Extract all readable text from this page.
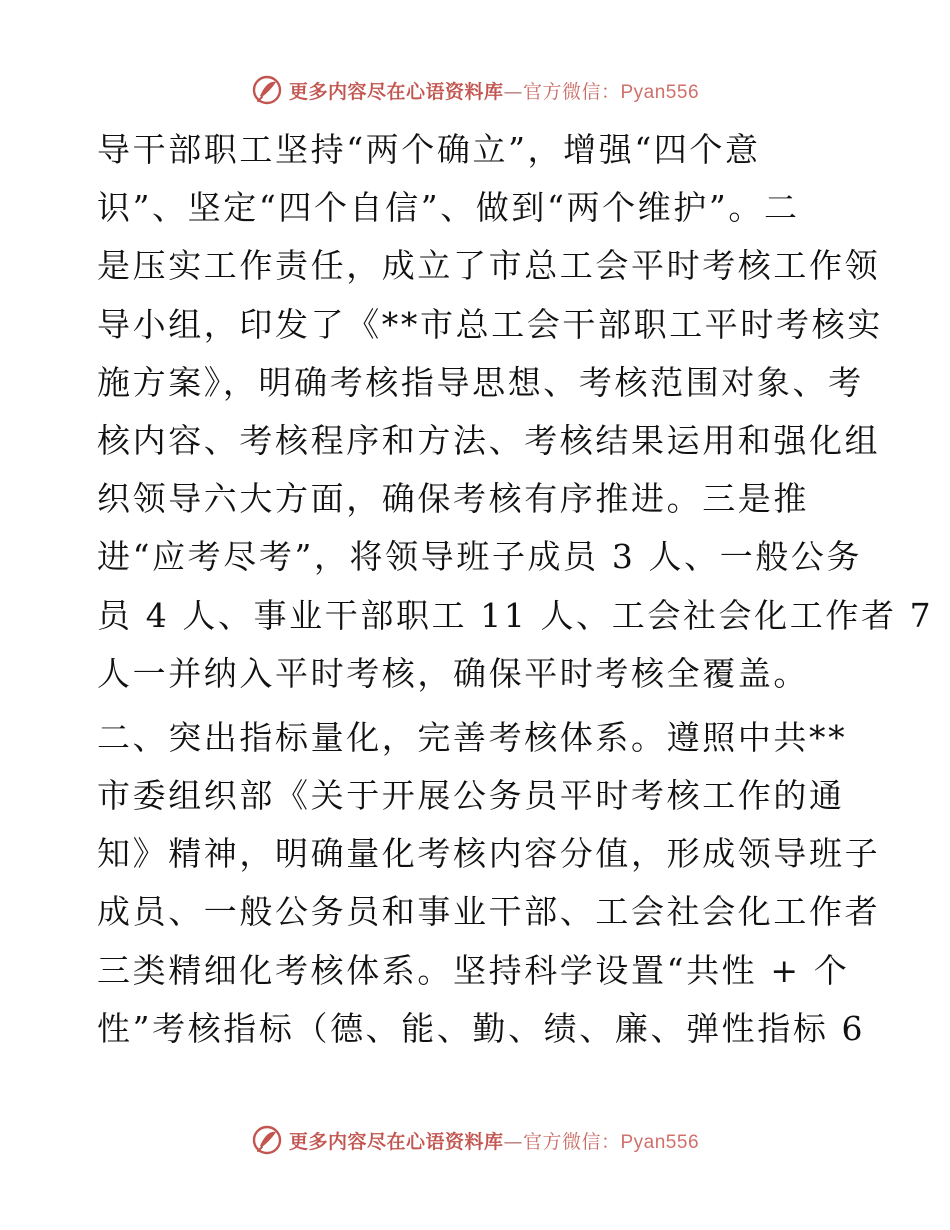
更多内容尽在心语资料库—官方微信：Pyan556
导干部职工坚持“两个确立”，增强“四个意
识”、坚定“四个自信”、做到“两个维护”。二
是压实工作责任，成立了市总工会平时考核工作领
导小组，印发了《**市总工会干部职工平时考核实
施方案》，明确考核指导思想、考核范围对象、考
核内容、考核程序和方法、考核结果运用和强化组
织领导六大方面，确保考核有序推进。三是推
进“应考尽考”，将领导班子成员 3 人、一般公务
员 4 人、事业干部职工 11 人、工会社会化工作者 7
人一并纳入平时考核，确保平时考核全覆盖。
二、突出指标量化，完善考核体系。遵照中共**
市委组织部《关于开展公务员平时考核工作的通
知》精神，明确量化考核内容分值，形成领导班子
成员、一般公务员和事业干部、工会社会化工作者
三类精细化考核体系。坚持科学设置“共性 + 个
性”考核指标（德、能、勤、绩、廉、弹性指标 6
更多内容尽在心语资料库—官方微信：Pyan556
